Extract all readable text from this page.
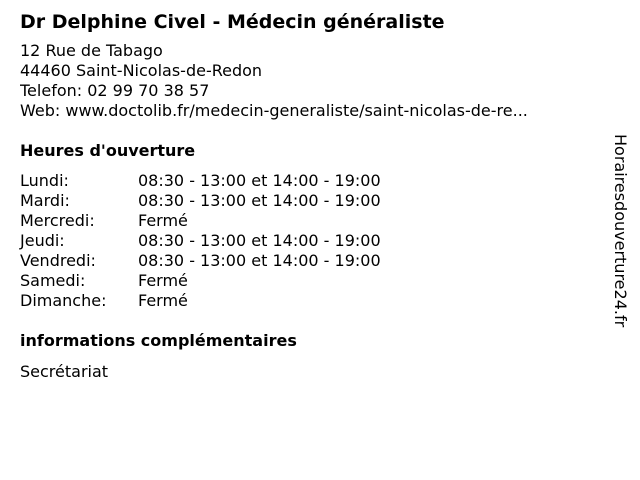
Dr Delphine Civel - Médecin généraliste
12 Rue de Tabago
44460 Saint-Nicolas-de-Redon
Telefon: 02 99 70 38 57
Web: www.doctolib.fr/medecin-generaliste/saint-nicolas-de-re...
Heures d'ouverture
Lundi:	08:30 - 13:00 et 14:00 - 19:00
Mardi:	08:30 - 13:00 et 14:00 - 19:00
Mercredi:	Fermé
Jeudi:	08:30 - 13:00 et 14:00 - 19:00
Vendredi:	08:30 - 13:00 et 14:00 - 19:00
Samedi:	Fermé
Dimanche:	Fermé
informations complémentaires
Secrétariat
Horairesdouverture24.fr
